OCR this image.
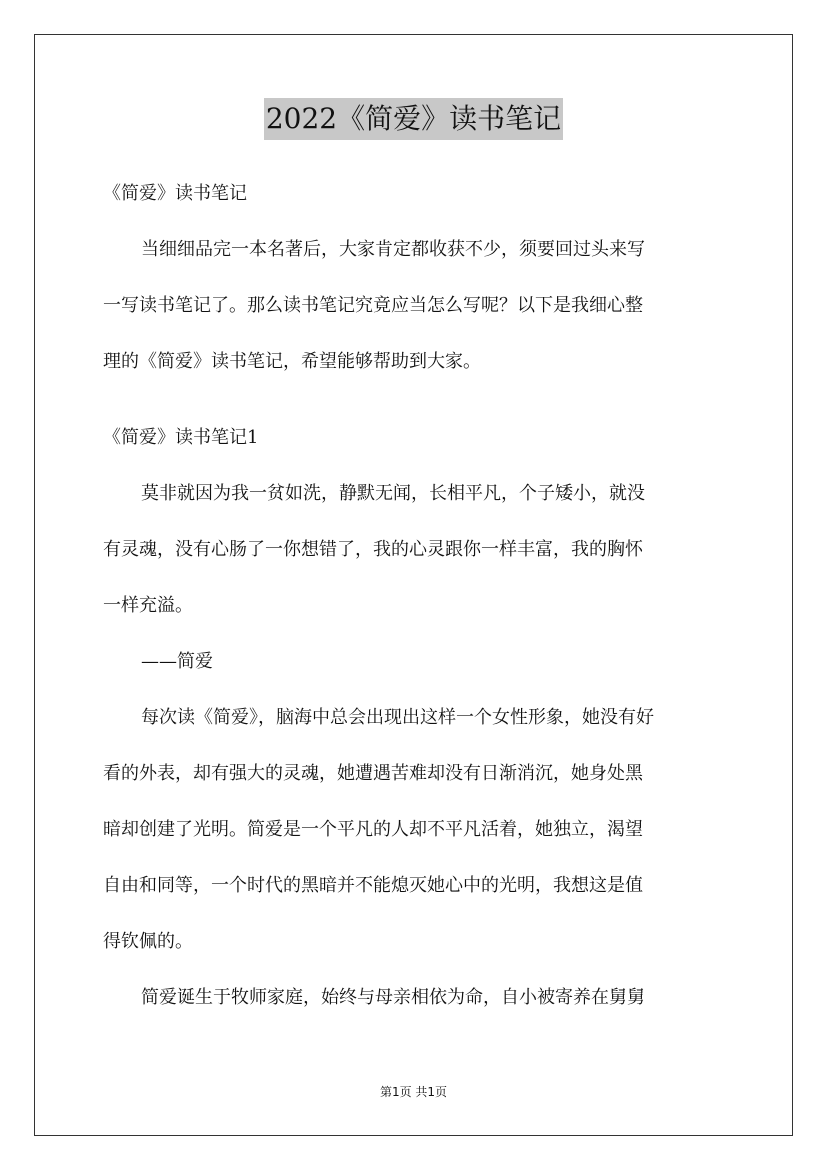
2022《简爱》读书笔记
《简爱》读书笔记
当细细品完一本名著后，大家肯定都收获不少，须要回过头来写
一写读书笔记了。那么读书笔记究竟应当怎么写呢？以下是我细心整
理的《简爱》读书笔记，希望能够帮助到大家。
《简爱》读书笔记1
莫非就因为我一贫如洗，静默无闻，长相平凡，个子矮小，就没
有灵魂，没有心肠了一你想错了，我的心灵跟你一样丰富，我的胸怀
一样充溢。
——简爱
每次读《简爱》，脑海中总会出现出这样一个女性形象，她没有好
看的外表，却有强大的灵魂，她遭遇苦难却没有日渐消沉，她身处黑
暗却创建了光明。简爱是一个平凡的人却不平凡活着，她独立，渴望
自由和同等，一个时代的黑暗并不能熄灭她心中的光明，我想这是值
得钦佩的。
简爱诞生于牧师家庭，始终与母亲相依为命，自小被寄养在舅舅
第1页 共1页
